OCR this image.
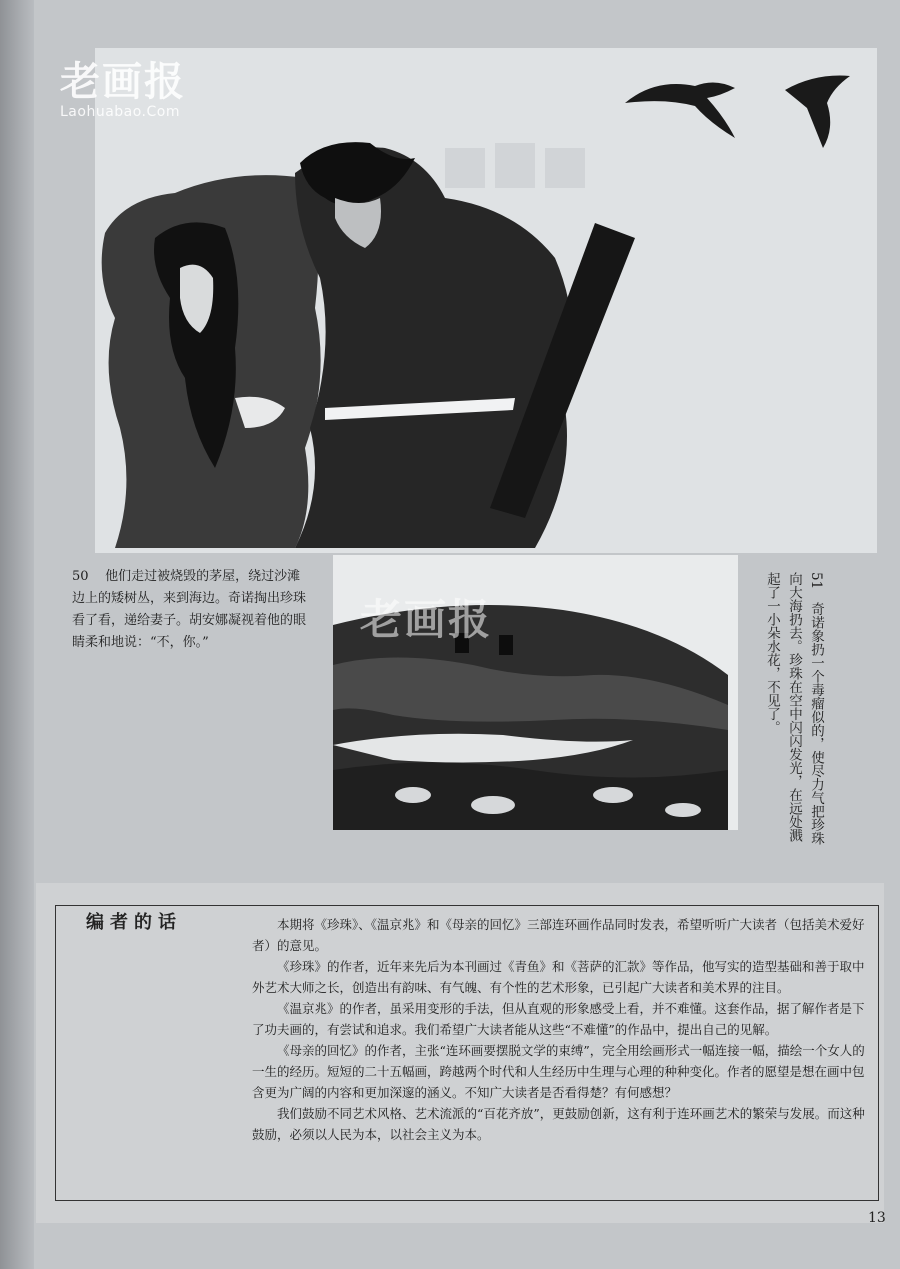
老画报
Laohuabao.Com
老画报
50 他们走过被烧毁的茅屋，绕过沙滩边上的矮树丛，来到海边。奇诺掏出珍珠看了看，递给妻子。胡安娜凝视着他的眼睛柔和地说：“不，你。”
51   奇诺象扔一个毒瘤似的，使尽力气把珍珠向大海扔去。珍珠在空中闪闪发光，在远处溅起了一小朵水花，不见了。
编者的话	本期将《珍珠》、《温京兆》和《母亲的回忆》三部连环画作品同时发表，希望听听广大读者（包括美术爱好者）的意见。

《珍珠》的作者，近年来先后为本刊画过《青鱼》和《菩萨的汇款》等作品，他写实的造型基础和善于取中外艺术大师之长，创造出有韵味、有气魄、有个性的艺术形象，已引起广大读者和美术界的注目。

《温京兆》的作者，虽采用变形的手法，但从直观的形象感受上看，并不难懂。这套作品，据了解作者是下了功夫画的，有尝试和追求。我们希望广大读者能从这些“不难懂”的作品中，提出自己的见解。

《母亲的回忆》的作者，主张“连环画要摆脱文学的束缚”，完全用绘画形式一幅连接一幅，描绘一个女人的一生的经历。短短的二十五幅画，跨越两个时代和人生经历中生理与心理的种种变化。作者的愿望是想在画中包含更为广阔的内容和更加深邃的涵义。不知广大读者是否看得楚？有何感想？

我们鼓励不同艺术风格、艺术流派的“百花齐放”，更鼓励创新，这有利于连环画艺术的繁荣与发展。而这种鼓励，必须以人民为本，以社会主义为本。

13
